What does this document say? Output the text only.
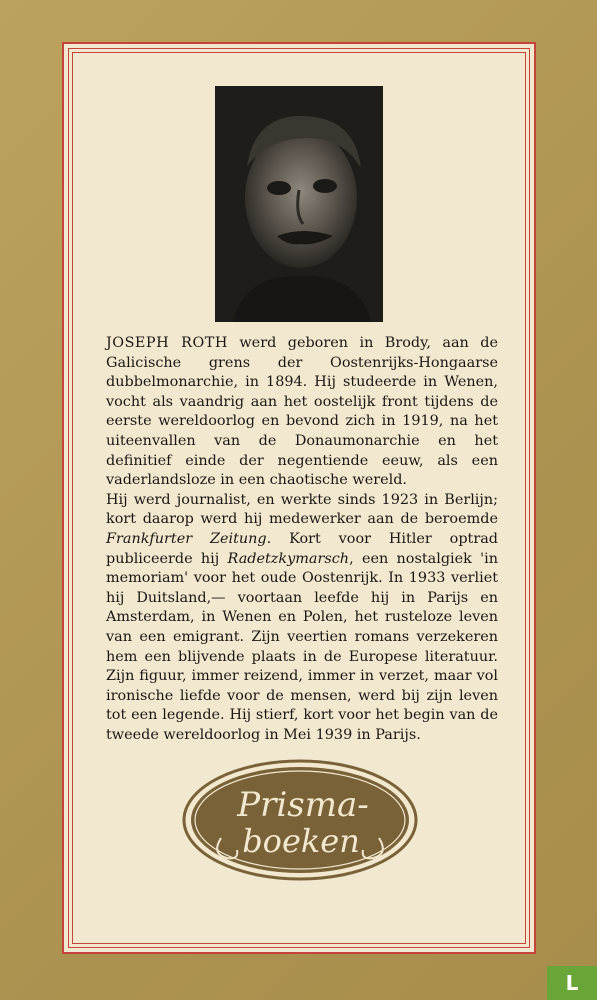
JOSEPH ROTH werd geboren in Brody, aan de Galicische grens der Oostenrijks-Hongaarse dubbelmonarchie, in 1894. Hij studeerde in Wenen, vocht als vaandrig aan het oostelijk front tijdens de eerste wereldoorlog en bevond zich in 1919, na het uiteenvallen van de Donaumonarchie en het definitief einde der negentiende eeuw, als een vaderlandsloze in een chaotische wereld.

Hij werd journalist, en werkte sinds 1923 in Berlijn; kort daarop werd hij medewerker aan de beroemde Frankfurter Zeitung. Kort voor Hitler optrad publiceerde hij Radetzkymarsch, een nostalgiek 'in memoriam' voor het oude Oostenrijk. In 1933 verliet hij Duitsland,— voortaan leefde hij in Parijs en Amsterdam, in Wenen en Polen, het rusteloze leven van een emigrant. Zijn veertien romans verzekeren hem een blijvende plaats in de Europese literatuur. Zijn figuur, immer reizend, immer in verzet, maar vol ironische liefde voor de mensen, werd bij zijn leven tot een legende. Hij stierf, kort voor het begin van de tweede wereldoorlog in Mei 1939 in Parijs.

Prisma-
boeken
L
